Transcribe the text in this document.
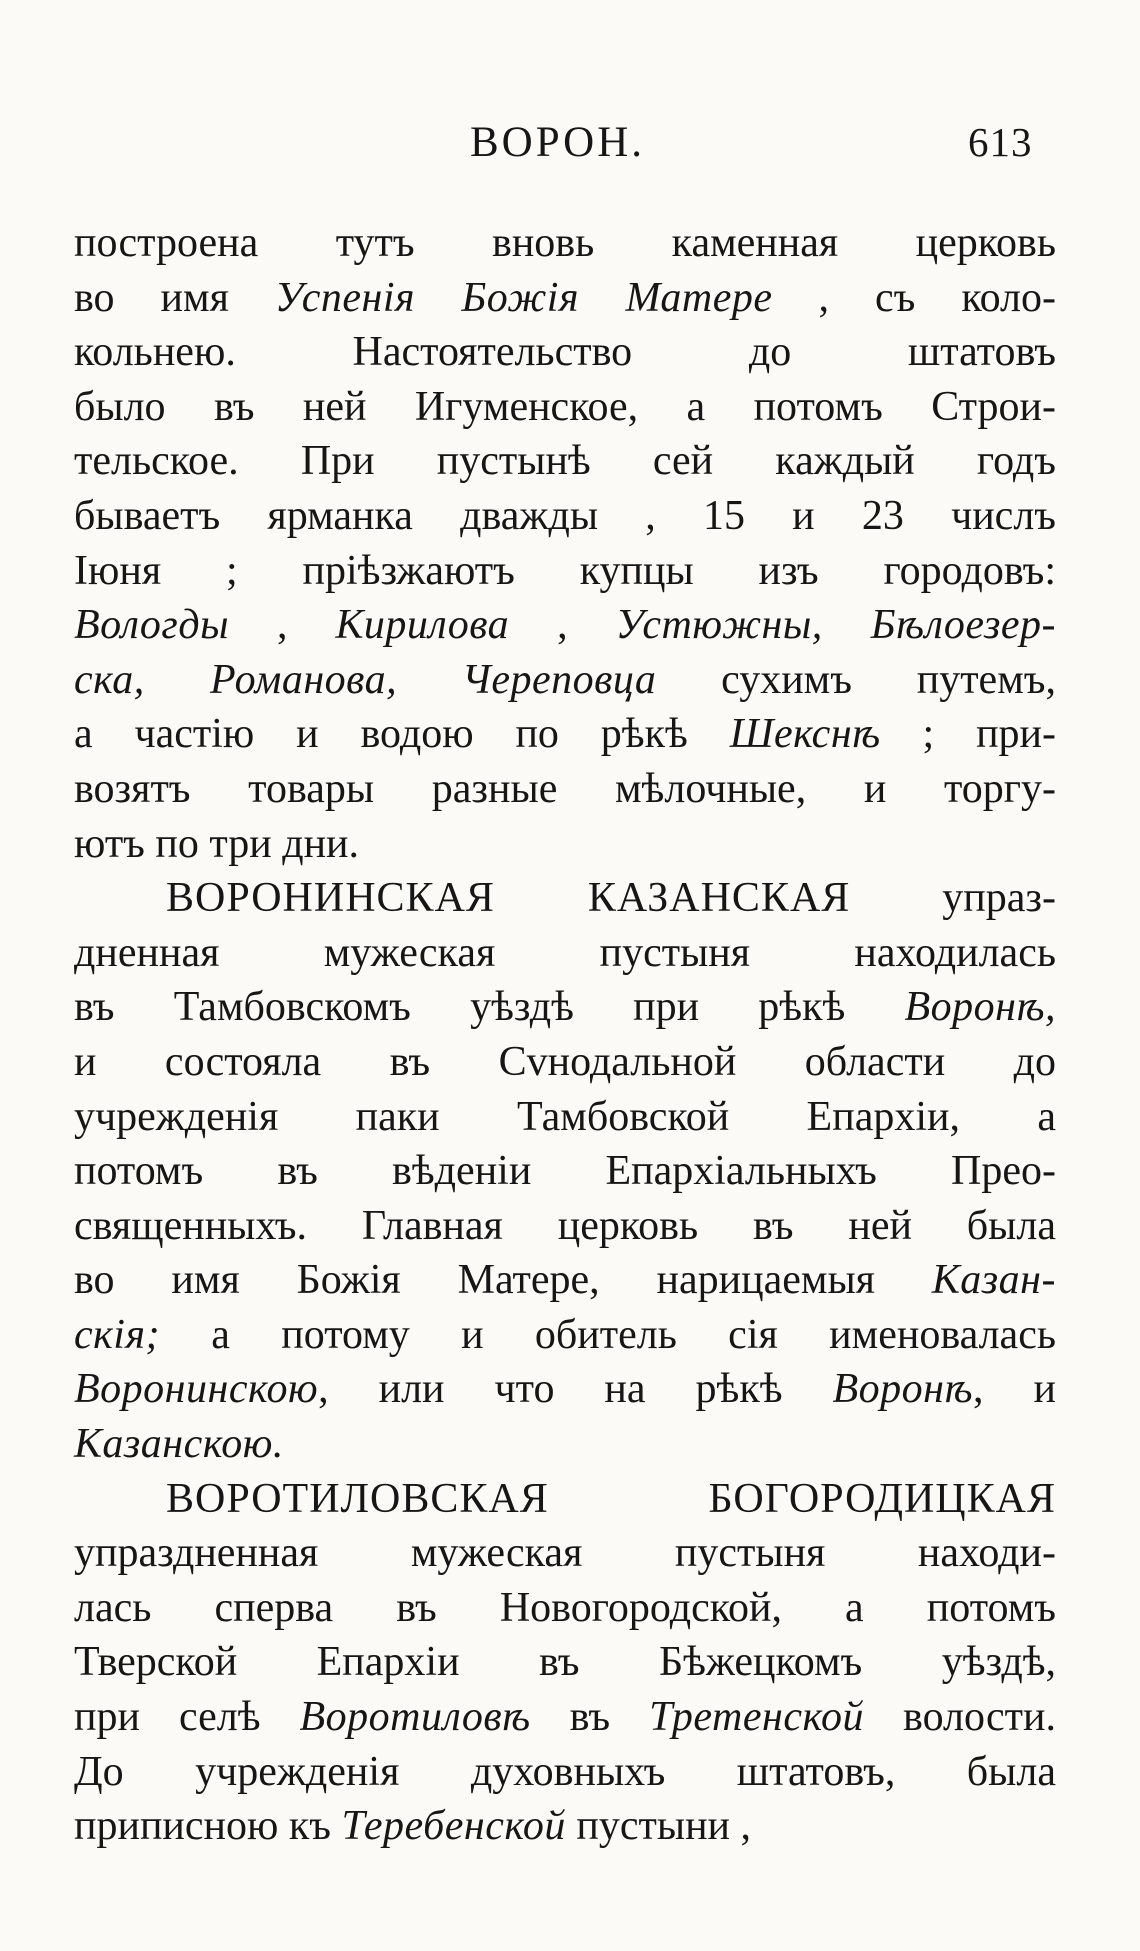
ВОРОН.	613
построена тутъ вновь каменная церковь
во имя Успенія Божія Матере , съ коло-
кольнею. Настоятельство до штатовъ
было въ ней Игуменское, а потомъ Строи-
тельское. При пустынѣ сей каждый годъ
бываетъ ярманка дважды , 15 и 23 числъ
Іюня ; пріѣзжаютъ купцы изъ городовъ:
Вологды , Кирилова , Устюжны, Бѣлоезер-
ска, Романова, Череповца сухимъ путемъ,
а частію и водою по рѣкѣ Шекснѣ ; при-
возятъ товары разные мѣлочные, и торгу-
ютъ по три дни.
ВОРОНИНСКАЯ КАЗАНСКАЯ упраз-
дненная мужеская пустыня находилась
въ Тамбовскомъ уѣздѣ при рѣкѣ Воронѣ,
и состояла въ Сvнодальной области до
учрежденія паки Тамбовской Епархіи, а
потомъ въ вѣденіи Епархіальныхъ Прео-
священныхъ. Главная церковь въ ней была
во имя Божія Матере, нарицаемыя Казан-
скія; а потому и обитель сія именовалась
Воронинскою, или что на рѣкѣ Воронѣ, и
Казанскою.
ВОРОТИЛОВСКАЯ БОГОРОДИЦКАЯ
упраздненная мужеская пустыня находи-
лась сперва въ Новогородской, а потомъ
Тверской Епархіи въ Бѣжецкомъ уѣздѣ,
при селѣ Воротиловѣ въ Третенской волости.
До учрежденія духовныхъ штатовъ, была
приписною къ Теребенской пустыни ,
